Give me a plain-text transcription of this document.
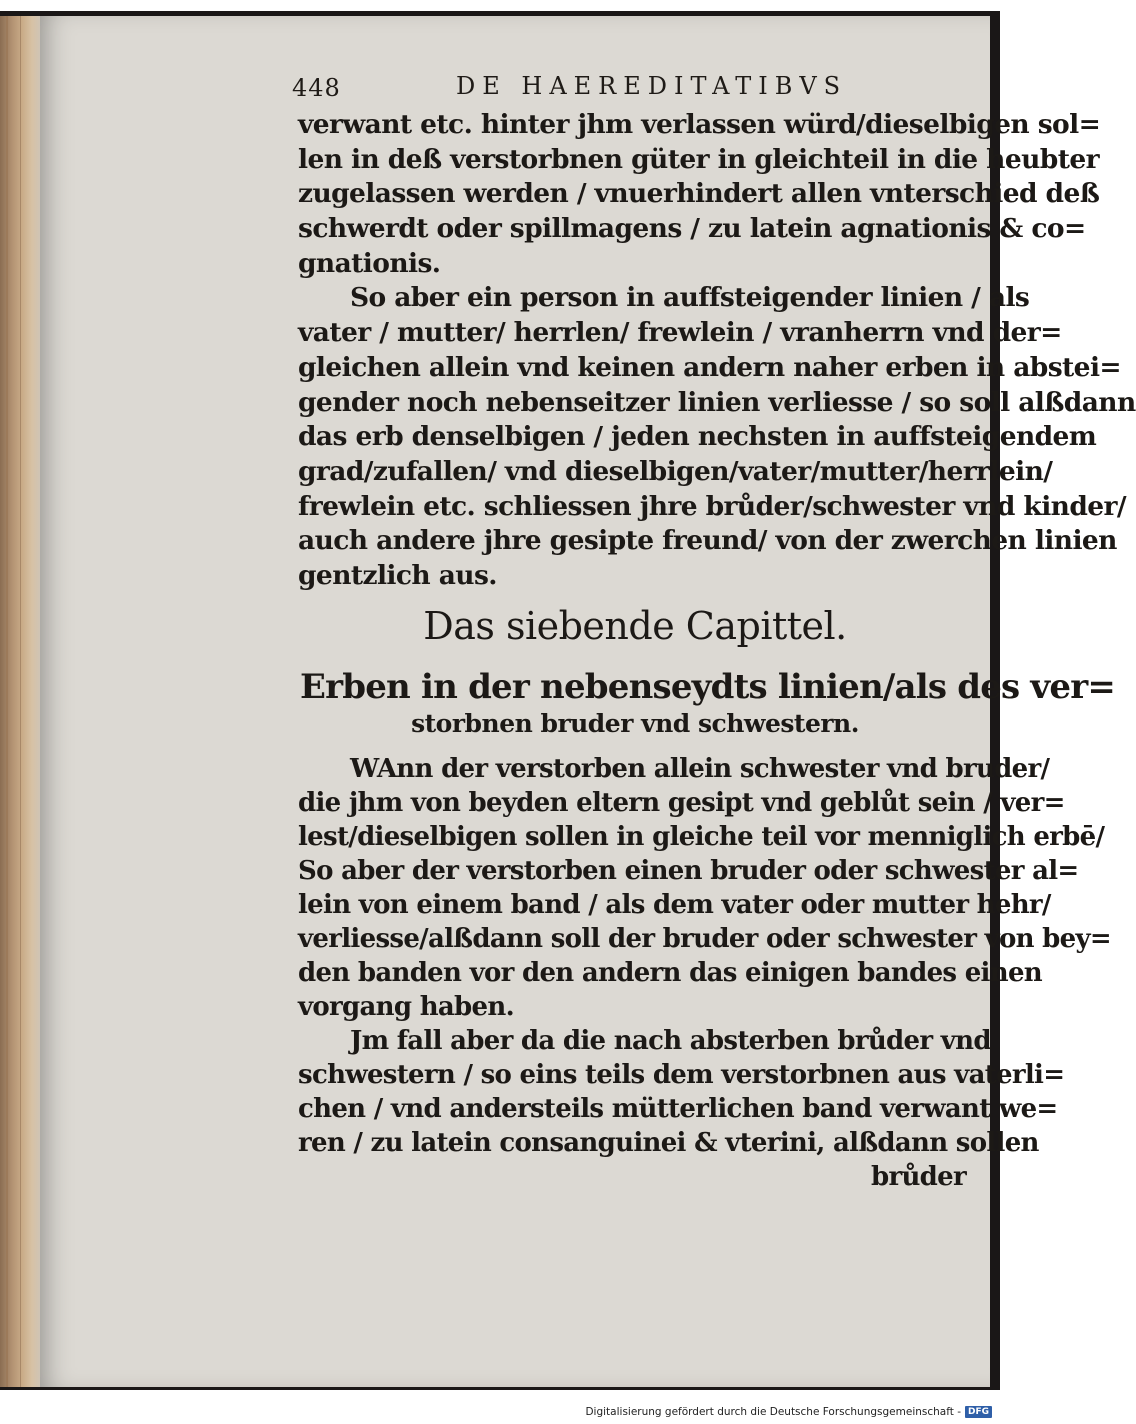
448	DE HAEREDITATIBVS
verwant etc. hinter jhm verlassen würd/dieselbigen sol=
len in deß verstorbnen güter in gleichteil in die heubter
zugelassen werden / vnuerhindert allen vnterschied deß
schwerdt oder spillmagens / zu latein agnationis & co=
gnationis.
So aber ein person in auffsteigender linien / als
vater / mutter/ herrlen/ frewlein / vranherrn vnd der=
gleichen allein vnd keinen andern naher erben in abstei=
gender noch nebenseitzer linien verliesse / so soll alßdann
das erb denselbigen / jeden nechsten in auffsteigendem
grad/zufallen/ vnd dieselbigen/vater/mutter/herrlein/
frewlein etc. schliessen jhre brůder/schwester vnd kinder/
auch andere jhre gesipte freund/ von der zwerchen linien
gentzlich aus.
Das siebende Capittel.
Erben in der nebenseydts linien/als des ver=
storbnen bruder vnd schwestern.
WAnn der verstorben allein schwester vnd bruder/
die jhm von beyden eltern gesipt vnd geblůt sein / ver=
lest/dieselbigen sollen in gleiche teil vor menniglich erbē/
So aber der verstorben einen bruder oder schwester al=
lein von einem band / als dem vater oder mutter hehr/
verliesse/alßdann soll der bruder oder schwester von bey=
den banden vor den andern das einigen bandes einen
vorgang haben.
Jm fall aber da die nach absterben brůder vnd
schwestern / so eins teils dem verstorbnen aus vaterli=
chen / vnd andersteils mütterlichen band verwant we=
ren / zu latein consanguinei & vterini, alßdann sollen
brůder
Digitalisierung gefördert durch die Deutsche Forschungsgemeinschaft - DFG
